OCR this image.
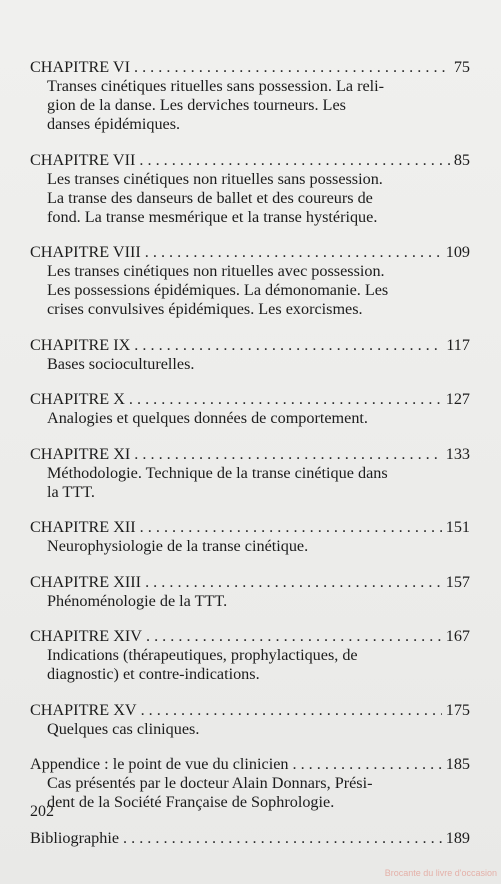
CHAPITRE VI . . .	75
Transes cinétiques rituelles sans possession. La reli-
gion de la danse. Les derviches tourneurs. Les
danses épidémiques.
CHAPITRE VII . . .	85
Les transes cinétiques non rituelles sans possession.
La transe des danseurs de ballet et des coureurs de
fond. La transe mesmérique et la transe hystérique.
CHAPITRE VIII . . .	109
Les transes cinétiques non rituelles avec possession.
Les possessions épidémiques. La démonomanie. Les
crises convulsives épidémiques. Les exorcismes.
CHAPITRE IX . . .	117
Bases socioculturelles.
CHAPITRE X . . .	127
Analogies et quelques données de comportement.
CHAPITRE XI . . .	133
Méthodologie. Technique de la transe cinétique dans
la TTT.
CHAPITRE XII . . .	151
Neurophysiologie de la transe cinétique.
CHAPITRE XIII . . .	157
Phénoménologie de la TTT.
CHAPITRE XIV . . .	167
Indications (thérapeutiques, prophylactiques, de
diagnostic) et contre-indications.
CHAPITRE XV . . .	175
Quelques cas cliniques.
Appendice : le point de vue du clinicien . . .	185
Cas présentés par le docteur Alain Donnars, Prési-
dent de la Société Française de Sophrologie.
Bibliographie . . .	189
202
Brocante du livre d'occasion
